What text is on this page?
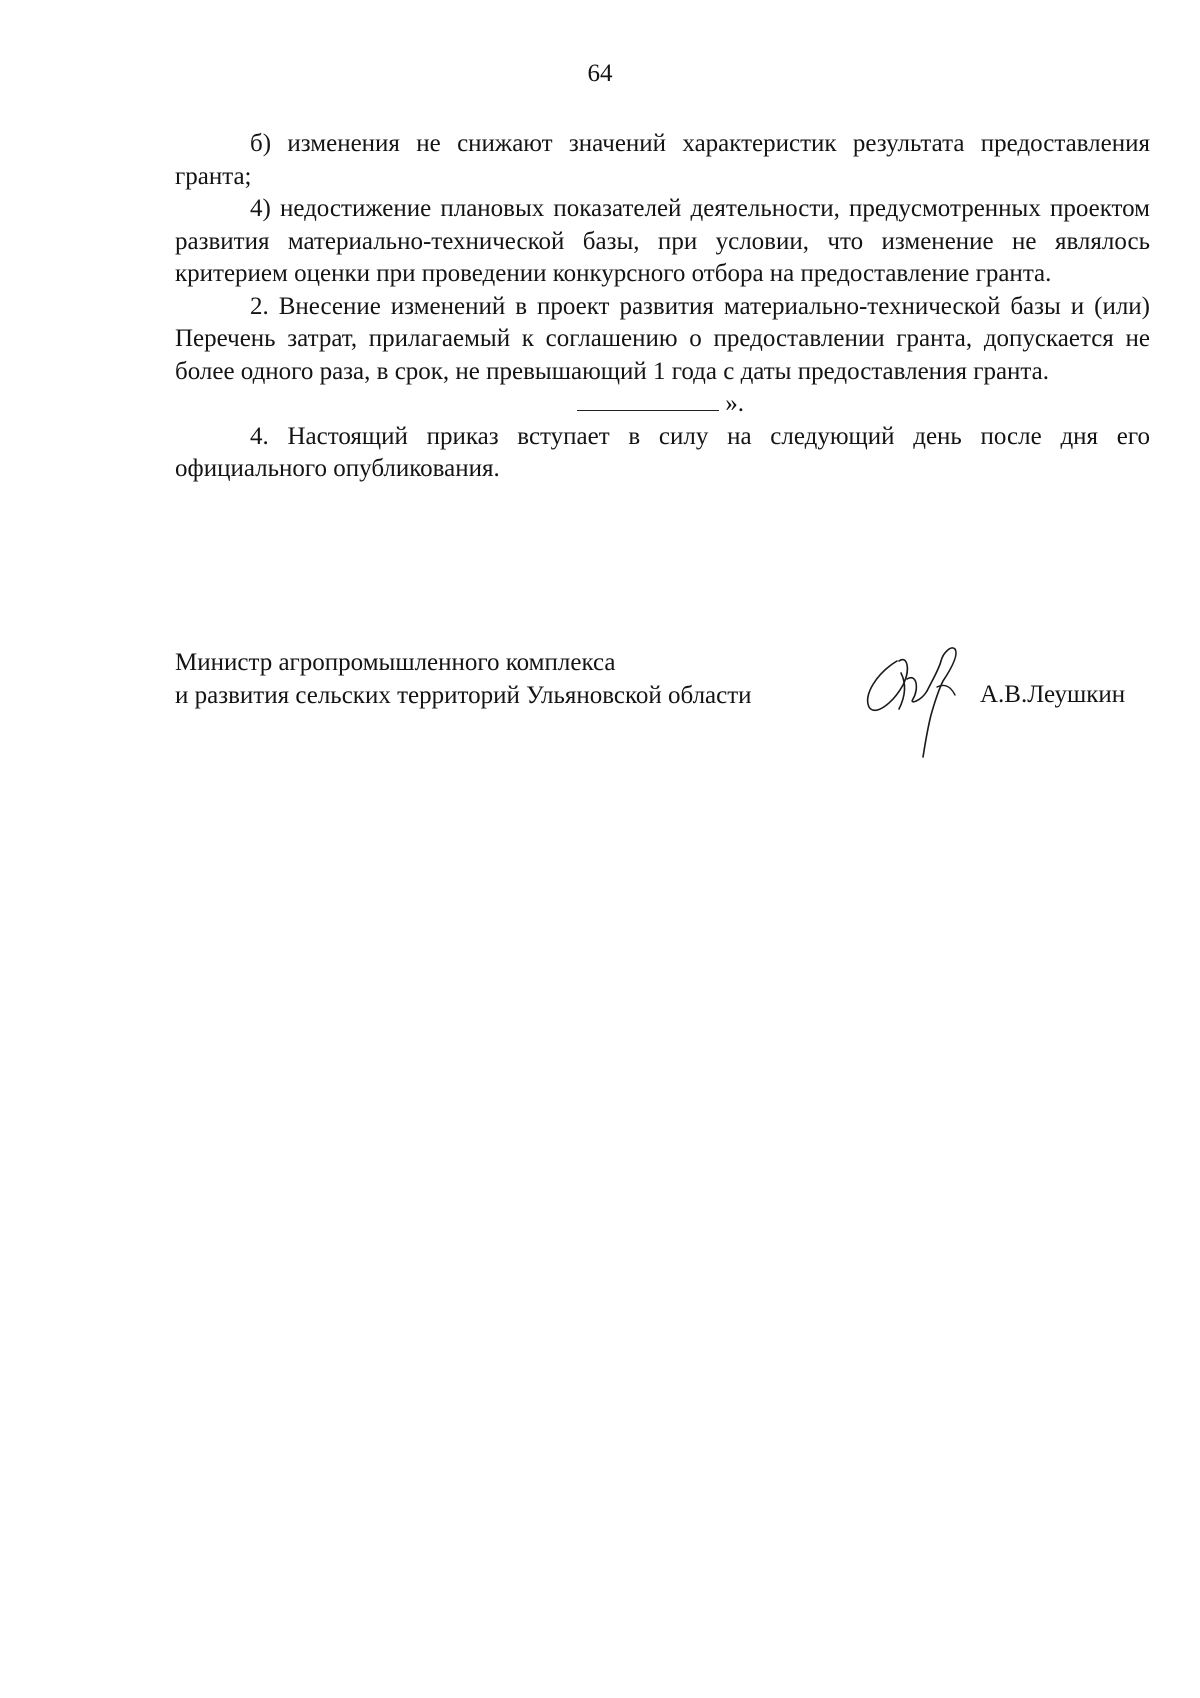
64

б) изменения не снижают значений характеристик результата предоставления гранта;

4) недостижение плановых показателей деятельности, предусмотренных проектом развития материально-технической базы, при условии, что изменение не являлось критерием оценки при проведении конкурсного отбора на предоставление гранта.

2. Внесение изменений в проект развития материально-технической базы и (или) Перечень затрат, прилагаемый к соглашению о предоставлении гранта, допускается не более одного раза, в срок, не превышающий 1 года с даты предоставления гранта.

».

4. Настоящий приказ вступает в силу на следующий день после дня его официального опубликования.

Министр агропромышленного комплекса
и развития сельских территорий Ульяновской области	А.В.Леушкин
